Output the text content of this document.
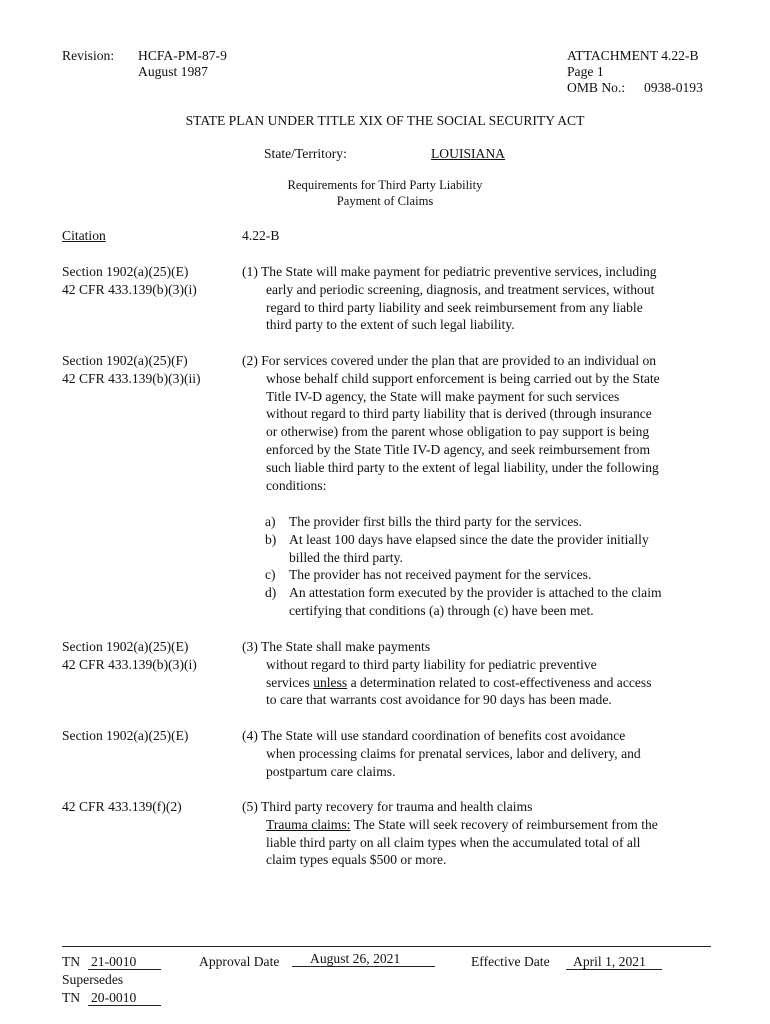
Revision: HCFA-PM-87-9
August 1987
ATTACHMENT 4.22-B
Page 1
OMB No.: 0938-0193
STATE PLAN UNDER TITLE XIX OF THE SOCIAL SECURITY ACT
State/Territory:	LOUISIANA
Requirements for Third Party Liability
Payment of Claims
Citation	4.22-B
Section 1902(a)(25)(E)
42 CFR 433.139(b)(3)(i)
(1) The State will make payment for pediatric preventive services, including
early and periodic screening, diagnosis, and treatment services, without
regard to third party liability and seek reimbursement from any liable
third party to the extent of such legal liability.
Section 1902(a)(25)(F)
42 CFR 433.139(b)(3)(ii)
(2) For services covered under the plan that are provided to an individual on
whose behalf child support enforcement is being carried out by the State
Title IV-D agency, the State will make payment for such services
without regard to third party liability that is derived (through insurance
or otherwise) from the parent whose obligation to pay support is being
enforced by the State Title IV-D agency, and seek reimbursement from
such liable third party to the extent of legal liability, under the following
conditions:
a) The provider first bills the third party for the services.
b) At least 100 days have elapsed since the date the provider initially
billed the third party.
c) The provider has not received payment for the services.
d) An attestation form executed by the provider is attached to the claim
certifying that conditions (a) through (c) have been met.
Section 1902(a)(25)(E)
42 CFR 433.139(b)(3)(i)
(3) The State shall make payments
without regard to third party liability for pediatric preventive
services unless a determination related to cost-effectiveness and access
to care that warrants cost avoidance for 90 days has been made.
Section 1902(a)(25)(E)	(4) The State will use standard coordination of benefits cost avoidance
when processing claims for prenatal services, labor and delivery, and
postpartum care claims.
42 CFR 433.139(f)(2)	(5) Third party recovery for trauma and health claims
Trauma claims: The State will seek recovery of reimbursement from the
liable third party on all claim types when the accumulated total of all
claim types equals $500 or more.
TN 21-0010
Supersedes
TN 20-0010
Approval Date	August 26, 2021	Effective Date	April 1, 2021
